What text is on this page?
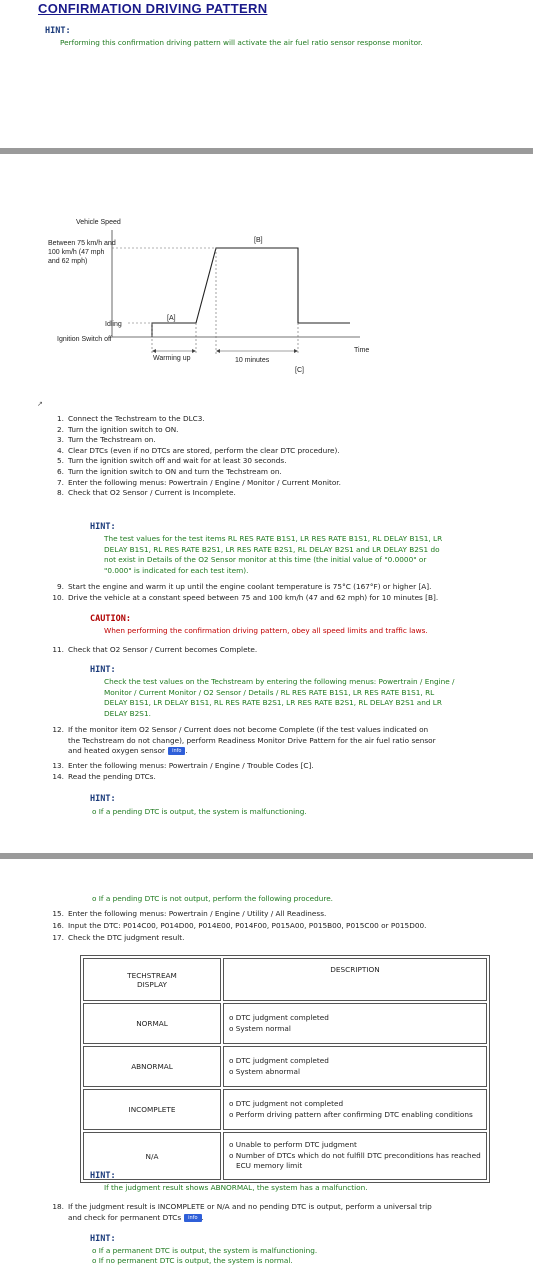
CONFIRMATION DRIVING PATTERN
HINT:
Performing this confirmation driving pattern will activate the air fuel ratio sensor response monitor.
Vehicle Speed
Between 75 km/h and
100 km/h (47 mph
and 62 mph)
Idling
Ignition Switch off
[A]
[B]
[C]
Time
Warming up	10 minutes
↗
1. Connect the Techstream to the DLC3.
2. Turn the ignition switch to ON.
3. Turn the Techstream on.
4. Clear DTCs (even if no DTCs are stored, perform the clear DTC procedure).
5. Turn the ignition switch off and wait for at least 30 seconds.
6. Turn the ignition switch to ON and turn the Techstream on.
7. Enter the following menus: Powertrain / Engine / Monitor / Current Monitor.
8. Check that O2 Sensor / Current is Incomplete.
HINT:
The test values for the test items RL RES RATE B1S1, LR RES RATE B1S1, RL DELAY B1S1, LR
DELAY B1S1, RL RES RATE B2S1, LR RES RATE B2S1, RL DELAY B2S1 and LR DELAY B2S1 do
not exist in Details of the O2 Sensor monitor at this time (the initial value of "0.0000" or
"0.000" is indicated for each test item).
9. Start the engine and warm it up until the engine coolant temperature is 75°C (167°F) or higher [A].
10. Drive the vehicle at a constant speed between 75 and 100 km/h (47 and 62 mph) for 10 minutes [B].
CAUTION:
When performing the confirmation driving pattern, obey all speed limits and traffic laws.
11. Check that O2 Sensor / Current becomes Complete.
HINT:
Check the test values on the Techstream by entering the following menus: Powertrain / Engine /
Monitor / Current Monitor / O2 Sensor / Details / RL RES RATE B1S1, LR RES RATE B1S1, RL
DELAY B1S1, LR DELAY B1S1, RL RES RATE B2S1, LR RES RATE B2S1, RL DELAY B2S1 and LR
DELAY B2S1.
12. If the monitor item O2 Sensor / Current does not become Complete (if the test values indicated on
the Techstream do not change), perform Readiness Monitor Drive Pattern for the air fuel ratio sensor
and heated oxygen sensor info .
13. Enter the following menus: Powertrain / Engine / Trouble Codes [C].
14. Read the pending DTCs.
HINT:
o If a pending DTC is output, the system is malfunctioning.
o If a pending DTC is not output, perform the following procedure.
15. Enter the following menus: Powertrain / Engine / Utility / All Readiness.
16. Input the DTC: P014C00, P014D00, P014E00, P014F00, P015A00, P015B00, P015C00 or P015D00.
17. Check the DTC judgment result.
TECHSTREAM
DISPLAY	DESCRIPTION
NORMAL	o DTC judgment completed
o System normal

ABNORMAL	o DTC judgment completed
o System abnormal

INCOMPLETE	o DTC judgment not completed
o Perform driving pattern after confirming DTC enabling conditions

N/A	o Unable to perform DTC judgment
o Number of DTCs which do not fulfill DTC preconditions has reached
ECU memory limit
HINT:
If the judgment result shows ABNORMAL, the system has a malfunction.
18. If the judgment result is INCOMPLETE or N/A and no pending DTC is output, perform a universal trip
and check for permanent DTCs info .
HINT:
o If a permanent DTC is output, the system is malfunctioning.
o If no permanent DTC is output, the system is normal.
